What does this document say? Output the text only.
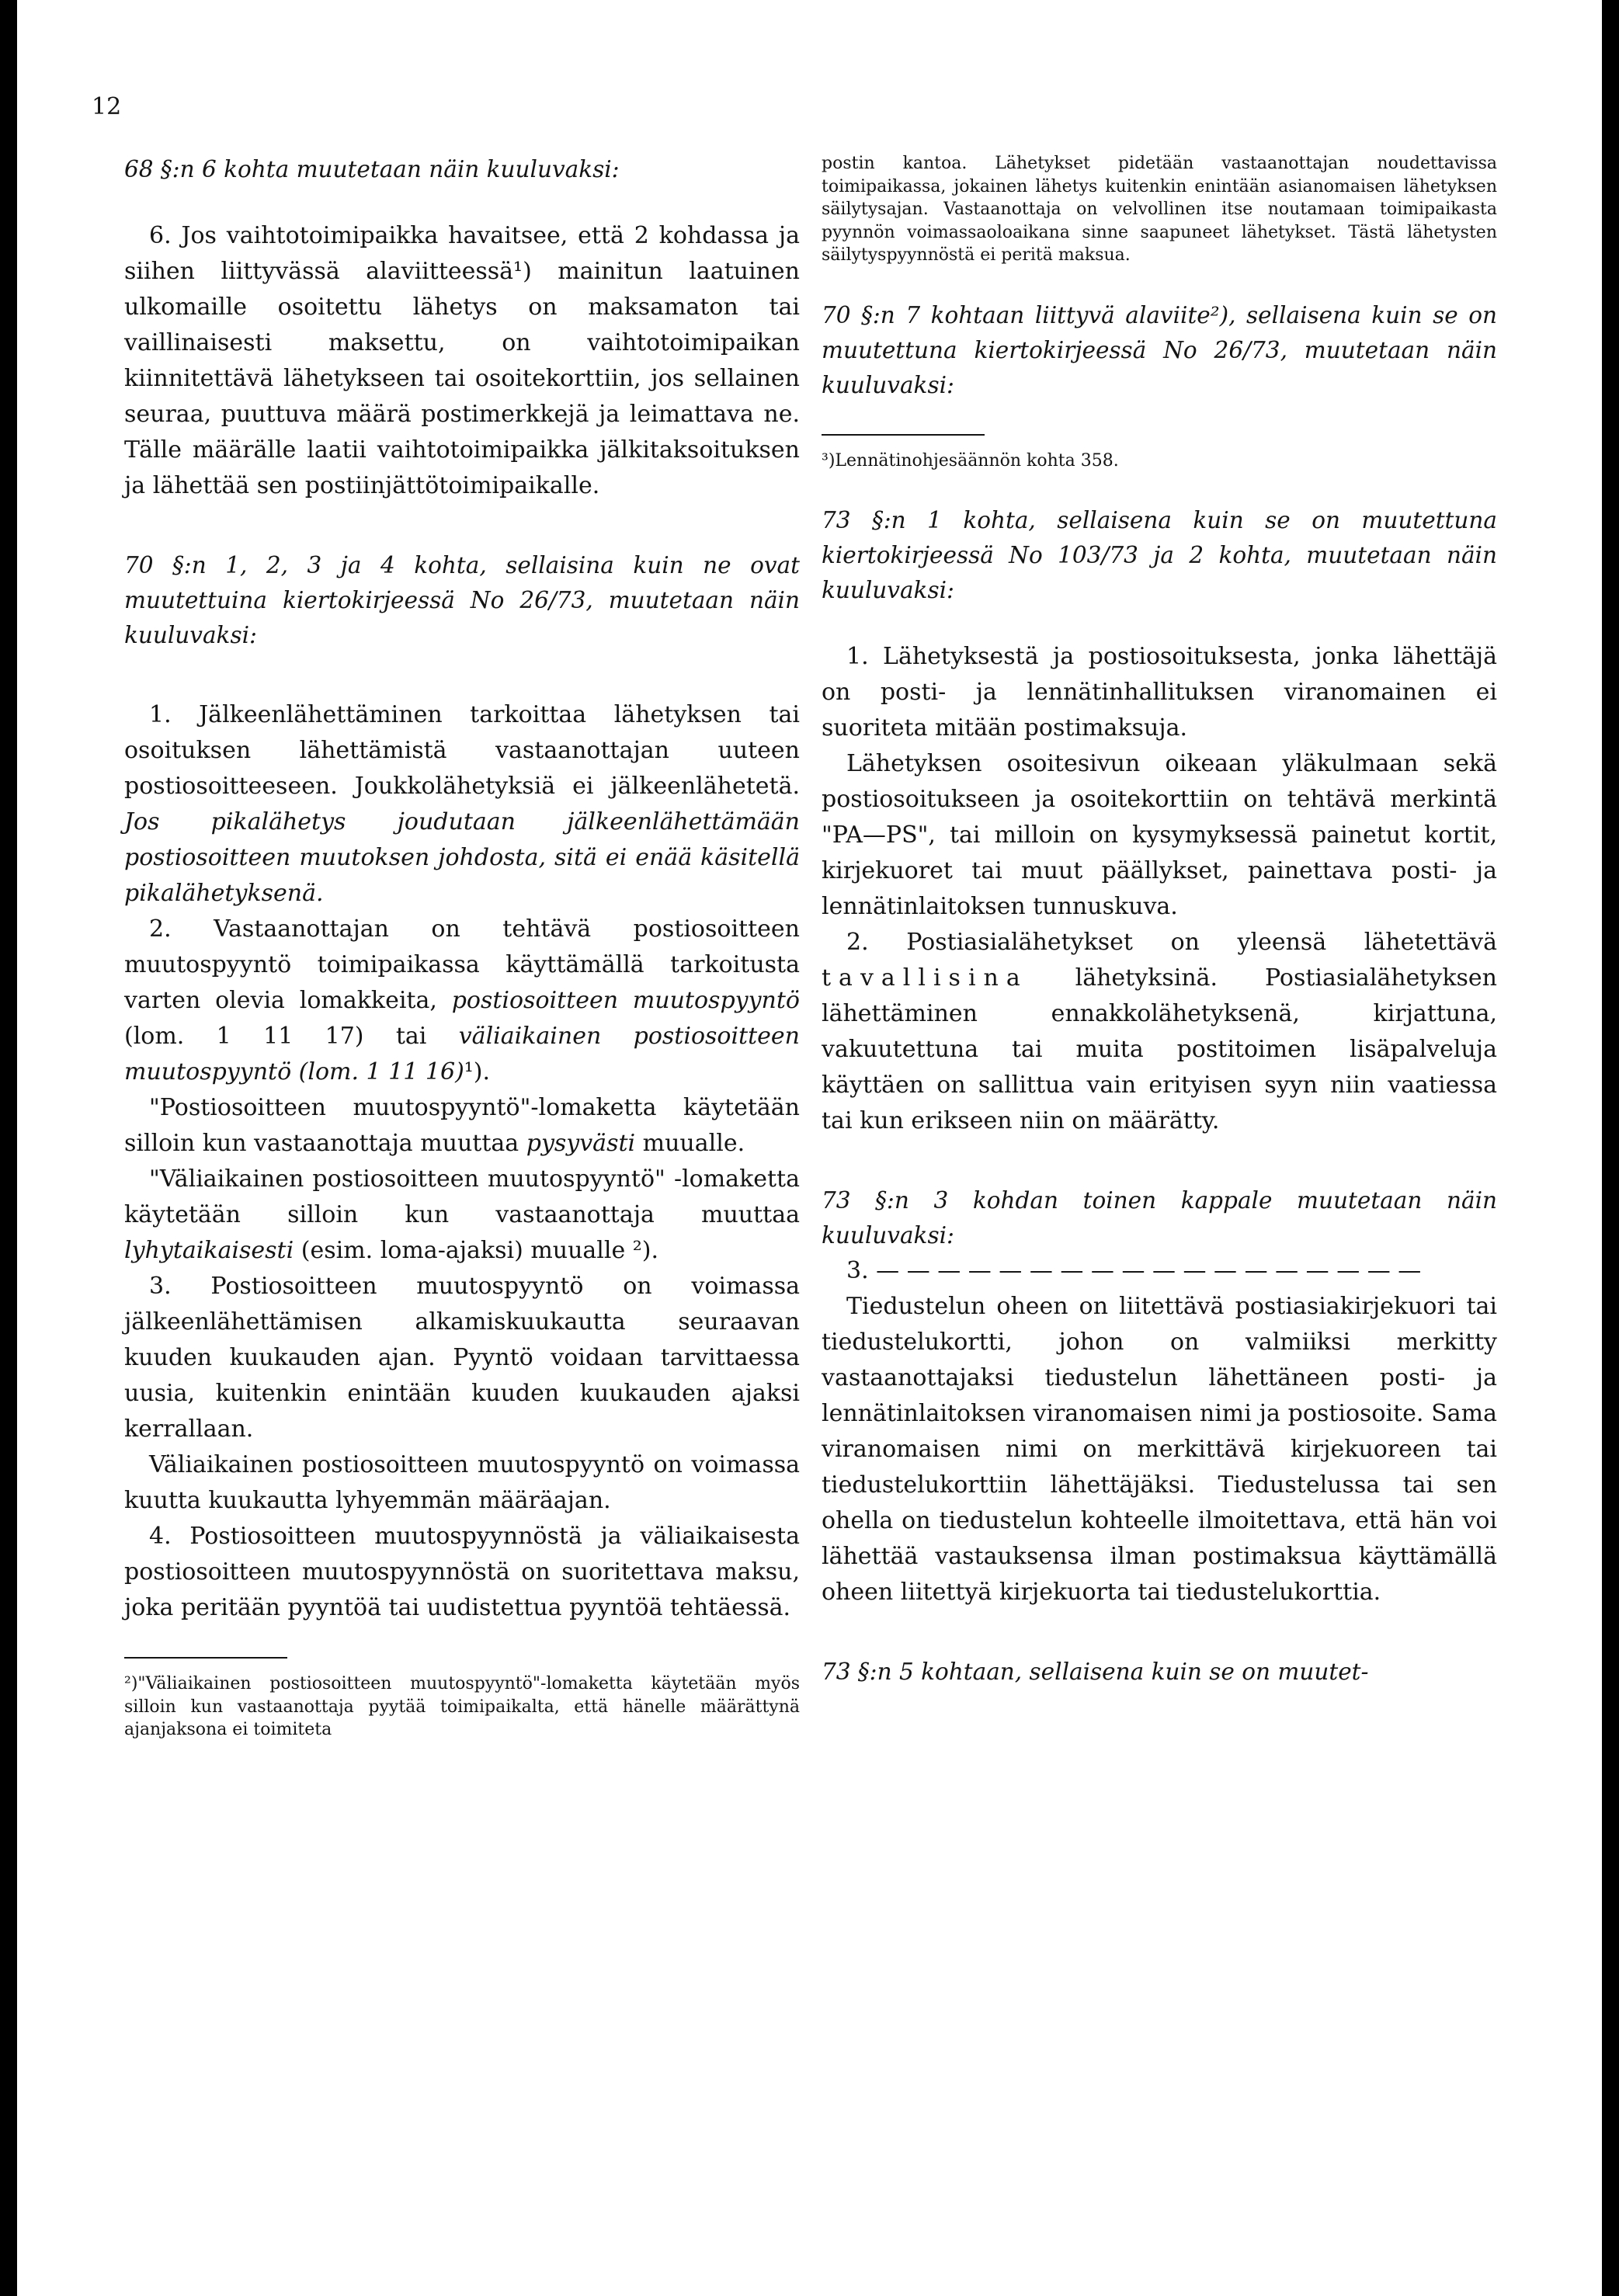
12

68 §:n 6 kohta muutetaan näin kuuluvaksi:

6. Jos vaihtotoimipaikka havaitsee, että 2 kohdassa ja siihen liittyvässä alaviitteessä¹) mainitun laatuinen ulkomaille osoitettu lähetys on maksamaton tai vaillinaisesti maksettu, on vaihtotoimipaikan kiinnitettävä lähetykseen tai osoitekorttiin, jos sellainen seuraa, puuttuva määrä postimerkkejä ja leimattava ne. Tälle määrälle laatii vaihtotoimipaikka jälkitaksoituksen ja lähettää sen postiinjättötoimipaikalle.

70 §:n 1, 2, 3 ja 4 kohta, sellaisina kuin ne ovat muutettuina kiertokirjeessä No 26/73, muutetaan näin kuuluvaksi:

1. Jälkeenlähettäminen tarkoittaa lähetyksen tai osoituksen lähettämistä vastaanottajan uuteen postiosoitteeseen. Joukkolähetyksiä ei jälkeenlähetetä. Jos pikalähetys joudutaan jälkeenlähettämään postiosoitteen muutoksen johdosta, sitä ei enää käsitellä pikalähetyksenä.

2. Vastaanottajan on tehtävä postiosoitteen muutospyyntö toimipaikassa käyttämällä tarkoitusta varten olevia lomakkeita, postiosoitteen muutospyyntö (lom. 1 11 17) tai väliaikainen postiosoitteen muutospyyntö (lom. 1 11 16)¹).

"Postiosoitteen muutospyyntö"-lomaketta käytetään silloin kun vastaanottaja muuttaa pysyvästi muualle.

"Väliaikainen postiosoitteen muutospyyntö" -lomaketta käytetään silloin kun vastaanottaja muuttaa lyhytaikaisesti (esim. loma-ajaksi) muualle ²).

3. Postiosoitteen muutospyyntö on voimassa jälkeenlähettämisen alkamiskuukautta seuraavan kuuden kuukauden ajan. Pyyntö voidaan tarvittaessa uusia, kuitenkin enintään kuuden kuukauden ajaksi kerrallaan.

Väliaikainen postiosoitteen muutospyyntö on voimassa kuutta kuukautta lyhyemmän määräajan.

4. Postiosoitteen muutospyynnöstä ja väliaikaisesta postiosoitteen muutospyynnöstä on suoritettava maksu, joka peritään pyyntöä tai uudistettua pyyntöä tehtäessä.

²)"Väliaikainen postiosoitteen muutospyyntö"-lomaketta käytetään myös silloin kun vastaanottaja pyytää toimipaikalta, että hänelle määrättynä ajanjaksona ei toimiteta

postin kantoa. Lähetykset pidetään vastaanottajan noudettavissa toimipaikassa, jokainen lähetys kuitenkin enintään asianomaisen lähetyksen säilytysajan. Vastaanottaja on velvollinen itse noutamaan toimipaikasta pyynnön voimassaoloaikana sinne saapuneet lähetykset. Tästä lähetysten säilytyspyynnöstä ei peritä maksua.

70 §:n 7 kohtaan liittyvä alaviite²), sellaisena kuin se on muutettuna kiertokirjeessä No 26/73, muutetaan näin kuuluvaksi:

³)Lennätinohjesäännön kohta 358.

73 §:n 1 kohta, sellaisena kuin se on muutettuna kiertokirjeessä No 103/73 ja 2 kohta, muutetaan näin kuuluvaksi:

1. Lähetyksestä ja postiosoituksesta, jonka lähettäjä on posti- ja lennätinhallituksen viranomainen ei suoriteta mitään postimaksuja.

Lähetyksen osoitesivun oikeaan yläkulmaan sekä postiosoitukseen ja osoitekorttiin on tehtävä merkintä "PA—PS", tai milloin on kysymyksessä painetut kortit, kirjekuoret tai muut päällykset, painettava posti- ja lennätinlaitoksen tunnuskuva.

2. Postiasialähetykset on yleensä lähetettävä tavallisina lähetyksinä. Postiasialähetyksen lähettäminen ennakkolähetyksenä, kirjattuna, vakuutettuna tai muita postitoimen lisäpalveluja käyttäen on sallittua vain erityisen syyn niin vaatiessa tai kun erikseen niin on määrätty.

73 §:n 3 kohdan toinen kappale muutetaan näin kuuluvaksi:

3. — — — — — — — — — — — — — — — — — —

Tiedustelun oheen on liitettävä postiasiakirjekuori tai tiedustelukortti, johon on valmiiksi merkitty vastaanottajaksi tiedustelun lähettäneen posti- ja lennätinlaitoksen viranomaisen nimi ja postiosoite. Sama viranomaisen nimi on merkittävä kirjekuoreen tai tiedustelukorttiin lähettäjäksi. Tiedustelussa tai sen ohella on tiedustelun kohteelle ilmoitettava, että hän voi lähettää vastauksensa ilman postimaksua käyttämällä oheen liitettyä kirjekuorta tai tiedustelukorttia.

73 §:n 5 kohtaan, sellaisena kuin se on muutet-
